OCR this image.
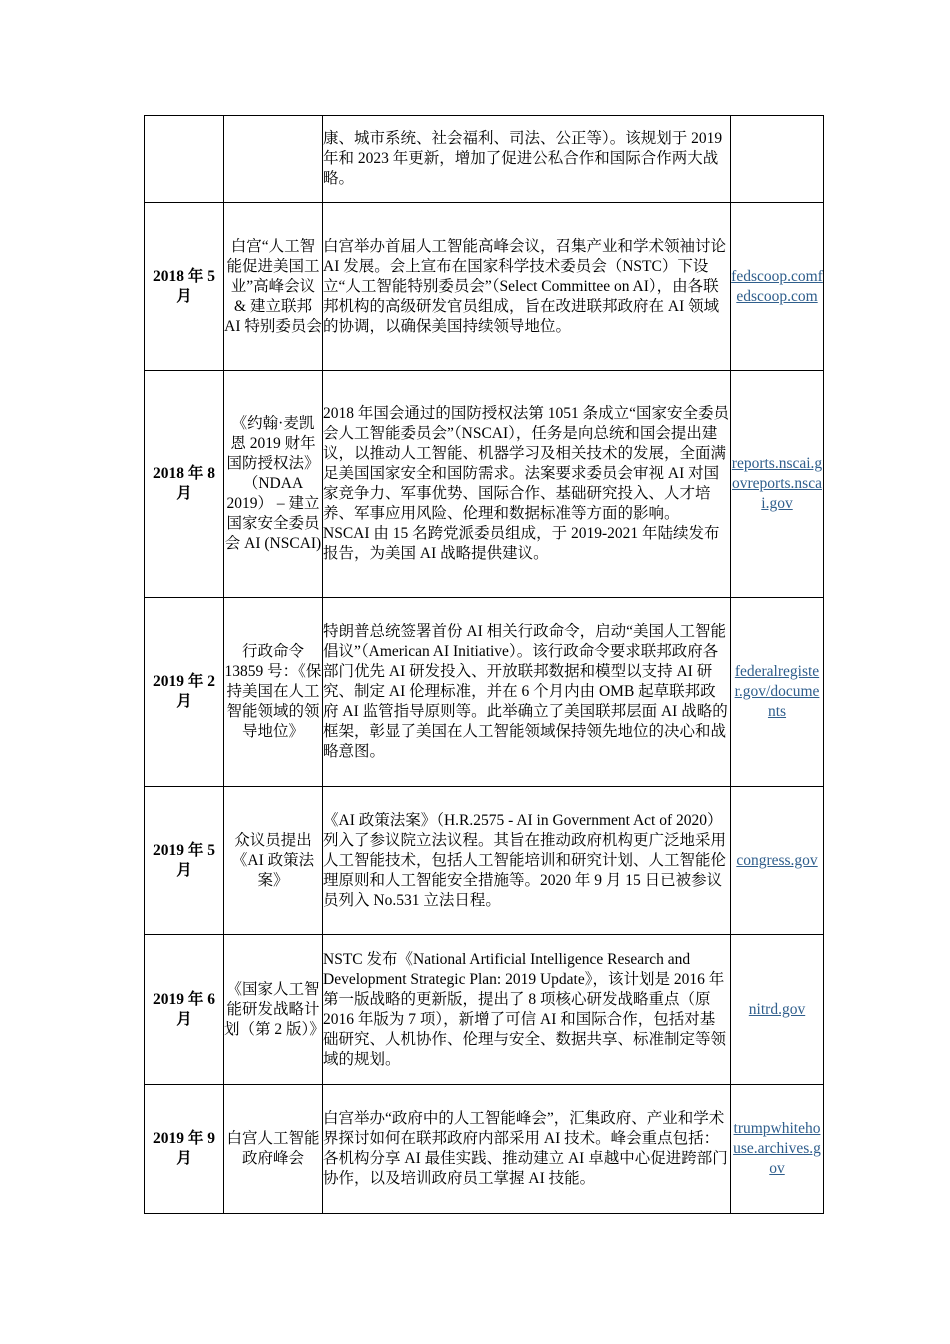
		康、城市系统、社会福利、司法、公正等）。该规划于 2019 年和 2023 年更新，增加了促进公私合作和国际合作两大战略。	

2018 年 5 月	白宫“人工智能促进美国工业”高峰会议 & 建立联邦 AI 特别委员会	白宫举办首届人工智能高峰会议，召集产业和学术领袖讨论 AI 发展。会上宣布在国家科学技术委员会（NSTC）下设立“人工智能特别委员会”（Select Committee on AI），由各联邦机构的高级研发官员组成，旨在改进联邦政府在 AI 领域的协调，以确保美国持续领导地位。	fedscoop.comfedscoop.com
2018 年 8 月	《约翰·麦凯恩 2019 财年国防授权法》（NDAA 2019） – 建立国家安全委员会 AI (NSCAI)	2018 年国会通过的国防授权法第 1051 条成立“国家安全委员会人工智能委员会”（NSCAI），任务是向总统和国会提出建议，以推动人工智能、机器学习及相关技术的发展，全面满足美国国家安全和国防需求。法案要求委员会审视 AI 对国家竞争力、军事优势、国际合作、基础研究投入、人才培养、军事应用风险、伦理和数据标准等方面的影响。
NSCAI 由 15 名跨党派委员组成，于 2019-2021 年陆续发布报告，为美国 AI 战略提供建议。	reports.nscai.govreports.nscai.gov
2019 年 2 月	行政命令 13859 号：《保持美国在人工智能领域的领导地位》	特朗普总统签署首份 AI 相关行政命令，启动“美国人工智能倡议”（American AI Initiative）。该行政命令要求联邦政府各部门优先 AI 研发投入、开放联邦数据和模型以支持 AI 研究、制定 AI 伦理标准，并在 6 个月内由 OMB 起草联邦政府 AI 监管指导原则等。此举确立了美国联邦层面 AI 战略的框架，彰显了美国在人工智能领域保持领先地位的决心和战略意图。	federalregister.gov/documents
2019 年 5 月	众议员提出《AI 政策法案》	《AI 政策法案》（H.R.2575 - AI in Government Act of 2020）列入了参议院立法议程。其旨在推动政府机构更广泛地采用人工智能技术，包括人工智能培训和研究计划、人工智能伦理原则和人工智能安全措施等。2020 年 9 月 15 日已被参议员列入 No.531 立法日程。	congress.gov
2019 年 6 月	《国家人工智能研发战略计划（第 2 版）》	NSTC 发布《National Artificial Intelligence Research and Development Strategic Plan: 2019 Update》，该计划是 2016 年第一版战略的更新版，提出了 8 项核心研发战略重点（原 2016 年版为 7 项），新增了可信 AI 和国际合作，包括对基础研究、人机协作、伦理与安全、数据共享、标准制定等领域的规划。	nitrd.gov
2019 年 9 月	白宫人工智能政府峰会	白宫举办“政府中的人工智能峰会”，汇集政府、产业和学术界探讨如何在联邦政府内部采用 AI 技术。峰会重点包括：各机构分享 AI 最佳实践、推动建立 AI 卓越中心促进跨部门协作，以及培训政府员工掌握 AI 技能。	trumpwhitehouse.archives.gov
